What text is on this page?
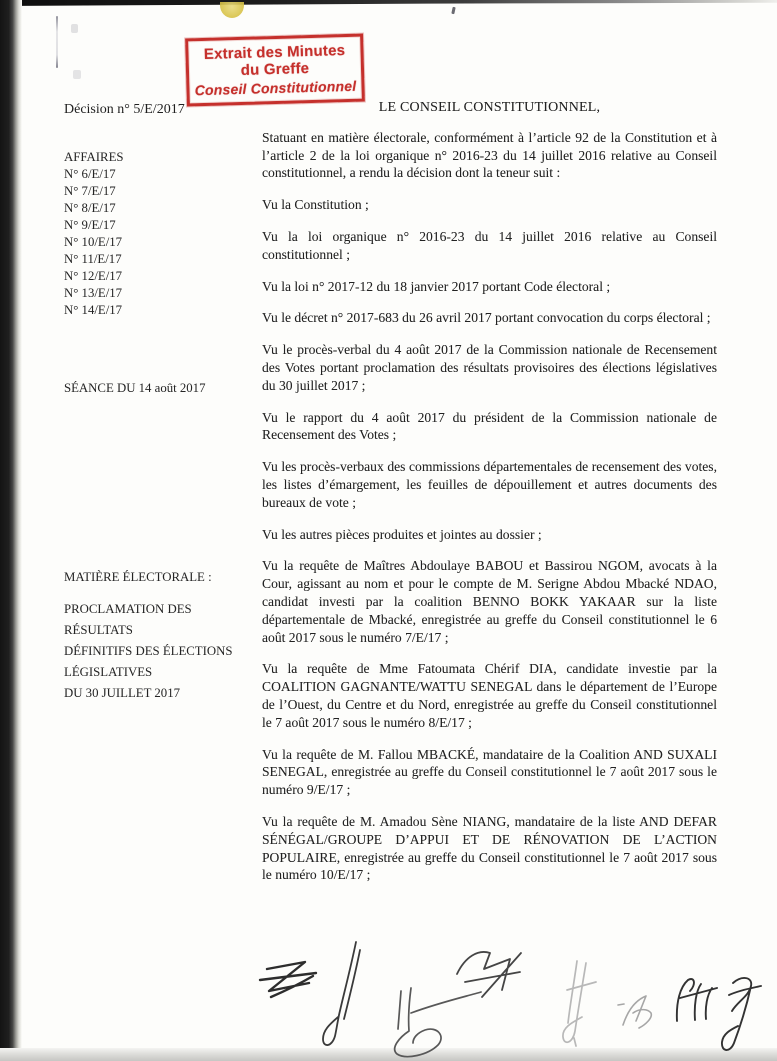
Extrait des Minutes
du Greffe
Conseil Constitutionnel
Décision n° 5/E/2017
AFFAIRES
N° 6/E/17
N° 7/E/17
N° 8/E/17
N° 9/E/17
N° 10/E/17
N° 11/E/17
N° 12/E/17
N° 13/E/17
N° 14/E/17
SÉANCE DU 14 août 2017
MATIÈRE ÉLECTORALE :
PROCLAMATION DES
RÉSULTATS
DÉFINITIFS DES ÉLECTIONS
LÉGISLATIVES
DU 30 JUILLET 2017
LE CONSEIL CONSTITUTIONNEL,

Statuant en matière électorale, conformément à l’article 92 de la Constitution et à l’article 2 de la loi organique n° 2016-23 du 14 juillet 2016 relative au Conseil constitutionnel, a rendu la décision dont la teneur suit :

Vu la Constitution ;

Vu la loi organique n° 2016-23 du 14 juillet 2016 relative au Conseil constitutionnel ;

Vu la loi n° 2017-12 du 18 janvier 2017 portant Code électoral ;

Vu le décret n° 2017-683 du 26 avril 2017 portant convocation du corps électoral ;

Vu le procès-verbal du 4 août 2017 de la Commission nationale de Recensement des Votes portant proclamation des résultats provisoires des élections législatives du 30 juillet 2017 ;

Vu le rapport du 4 août 2017 du président de la Commission nationale de Recensement des Votes ;

Vu les procès-verbaux des commissions départementales de recensement des votes, les listes d’émargement, les feuilles de dépouillement et autres documents des bureaux de vote ;

Vu les autres pièces produites et jointes au dossier ;

Vu la requête de Maîtres Abdoulaye BABOU et Bassirou NGOM, avocats à la Cour, agissant au nom et pour le compte de M. Serigne Abdou Mbacké NDAO, candidat investi par la coalition BENNO BOKK YAKAAR sur la liste départementale de Mbacké, enregistrée au greffe du Conseil constitutionnel le 6 août 2017 sous le numéro 7/E/17 ;

Vu la requête de Mme Fatoumata Chérif DIA, candidate investie par la COALITION GAGNANTE/WATTU SENEGAL dans le département de l’Europe de l’Ouest, du Centre et du Nord, enregistrée au greffe du Conseil constitutionnel le 7 août 2017 sous le numéro 8/E/17 ;

Vu la requête de M. Fallou MBACKÉ, mandataire de la Coalition AND SUXALI SENEGAL, enregistrée au greffe du Conseil constitutionnel le 7 août 2017 sous le numéro 9/E/17 ;

Vu la requête de M. Amadou Sène NIANG, mandataire de la liste AND DEFAR SÉNÉGAL/GROUPE D’APPUI ET DE RÉNOVATION DE L’ACTION POPULAIRE, enregistrée au greffe du Conseil constitutionnel le 7 août 2017 sous le numéro 10/E/17 ;
